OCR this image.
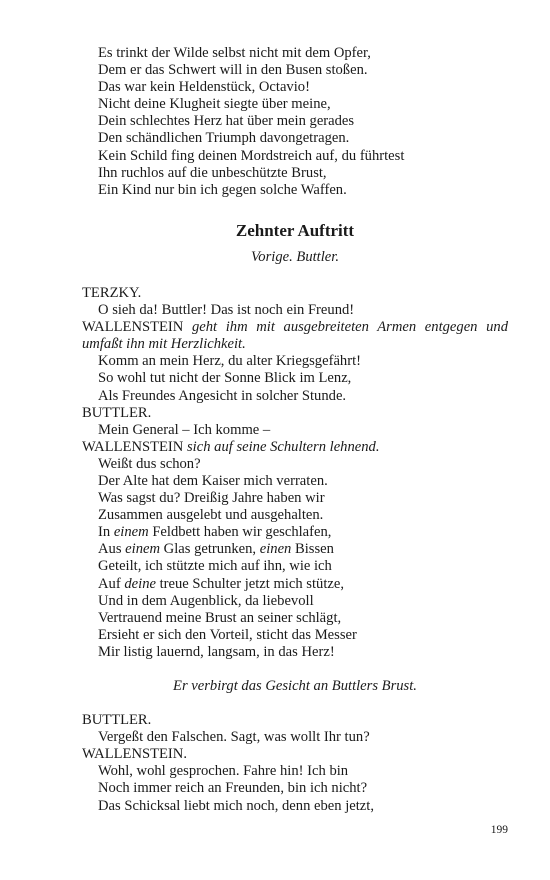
Es trinkt der Wilde selbst nicht mit dem Opfer,
Dem er das Schwert will in den Busen stoßen.
Das war kein Heldenstück, Octavio!
Nicht deine Klugheit siegte über meine,
Dein schlechtes Herz hat über mein gerades
Den schändlichen Triumph davongetragen.
Kein Schild fing deinen Mordstreich auf, du führtest
Ihn ruchlos auf die unbeschützte Brust,
Ein Kind nur bin ich gegen solche Waffen.
Zehnter Auftritt
Vorige. Buttler.
TERZKY.
O sieh da! Buttler! Das ist noch ein Freund!
WALLENSTEIN geht ihm mit ausgebreiteten Armen entgegen und umfaßt ihn mit Herzlichkeit.
Komm an mein Herz, du alter Kriegsgefährt!
So wohl tut nicht der Sonne Blick im Lenz,
Als Freundes Angesicht in solcher Stunde.
BUTTLER.
Mein General – Ich komme –
WALLENSTEIN sich auf seine Schultern lehnend.
Weißt dus schon?
Der Alte hat dem Kaiser mich verraten.
Was sagst du? Dreißig Jahre haben wir
Zusammen ausgelebt und ausgehalten.
In einem Feldbett haben wir geschlafen,
Aus einem Glas getrunken, einen Bissen
Geteilt, ich stützte mich auf ihn, wie ich
Auf deine treue Schulter jetzt mich stütze,
Und in dem Augenblick, da liebevoll
Vertrauend meine Brust an seiner schlägt,
Ersieht er sich den Vorteil, sticht das Messer
Mir listig lauernd, langsam, in das Herz!
Er verbirgt das Gesicht an Buttlers Brust.
BUTTLER.
Vergeßt den Falschen. Sagt, was wollt Ihr tun?
WALLENSTEIN.
Wohl, wohl gesprochen. Fahre hin! Ich bin
Noch immer reich an Freunden, bin ich nicht?
Das Schicksal liebt mich noch, denn eben jetzt,
199
